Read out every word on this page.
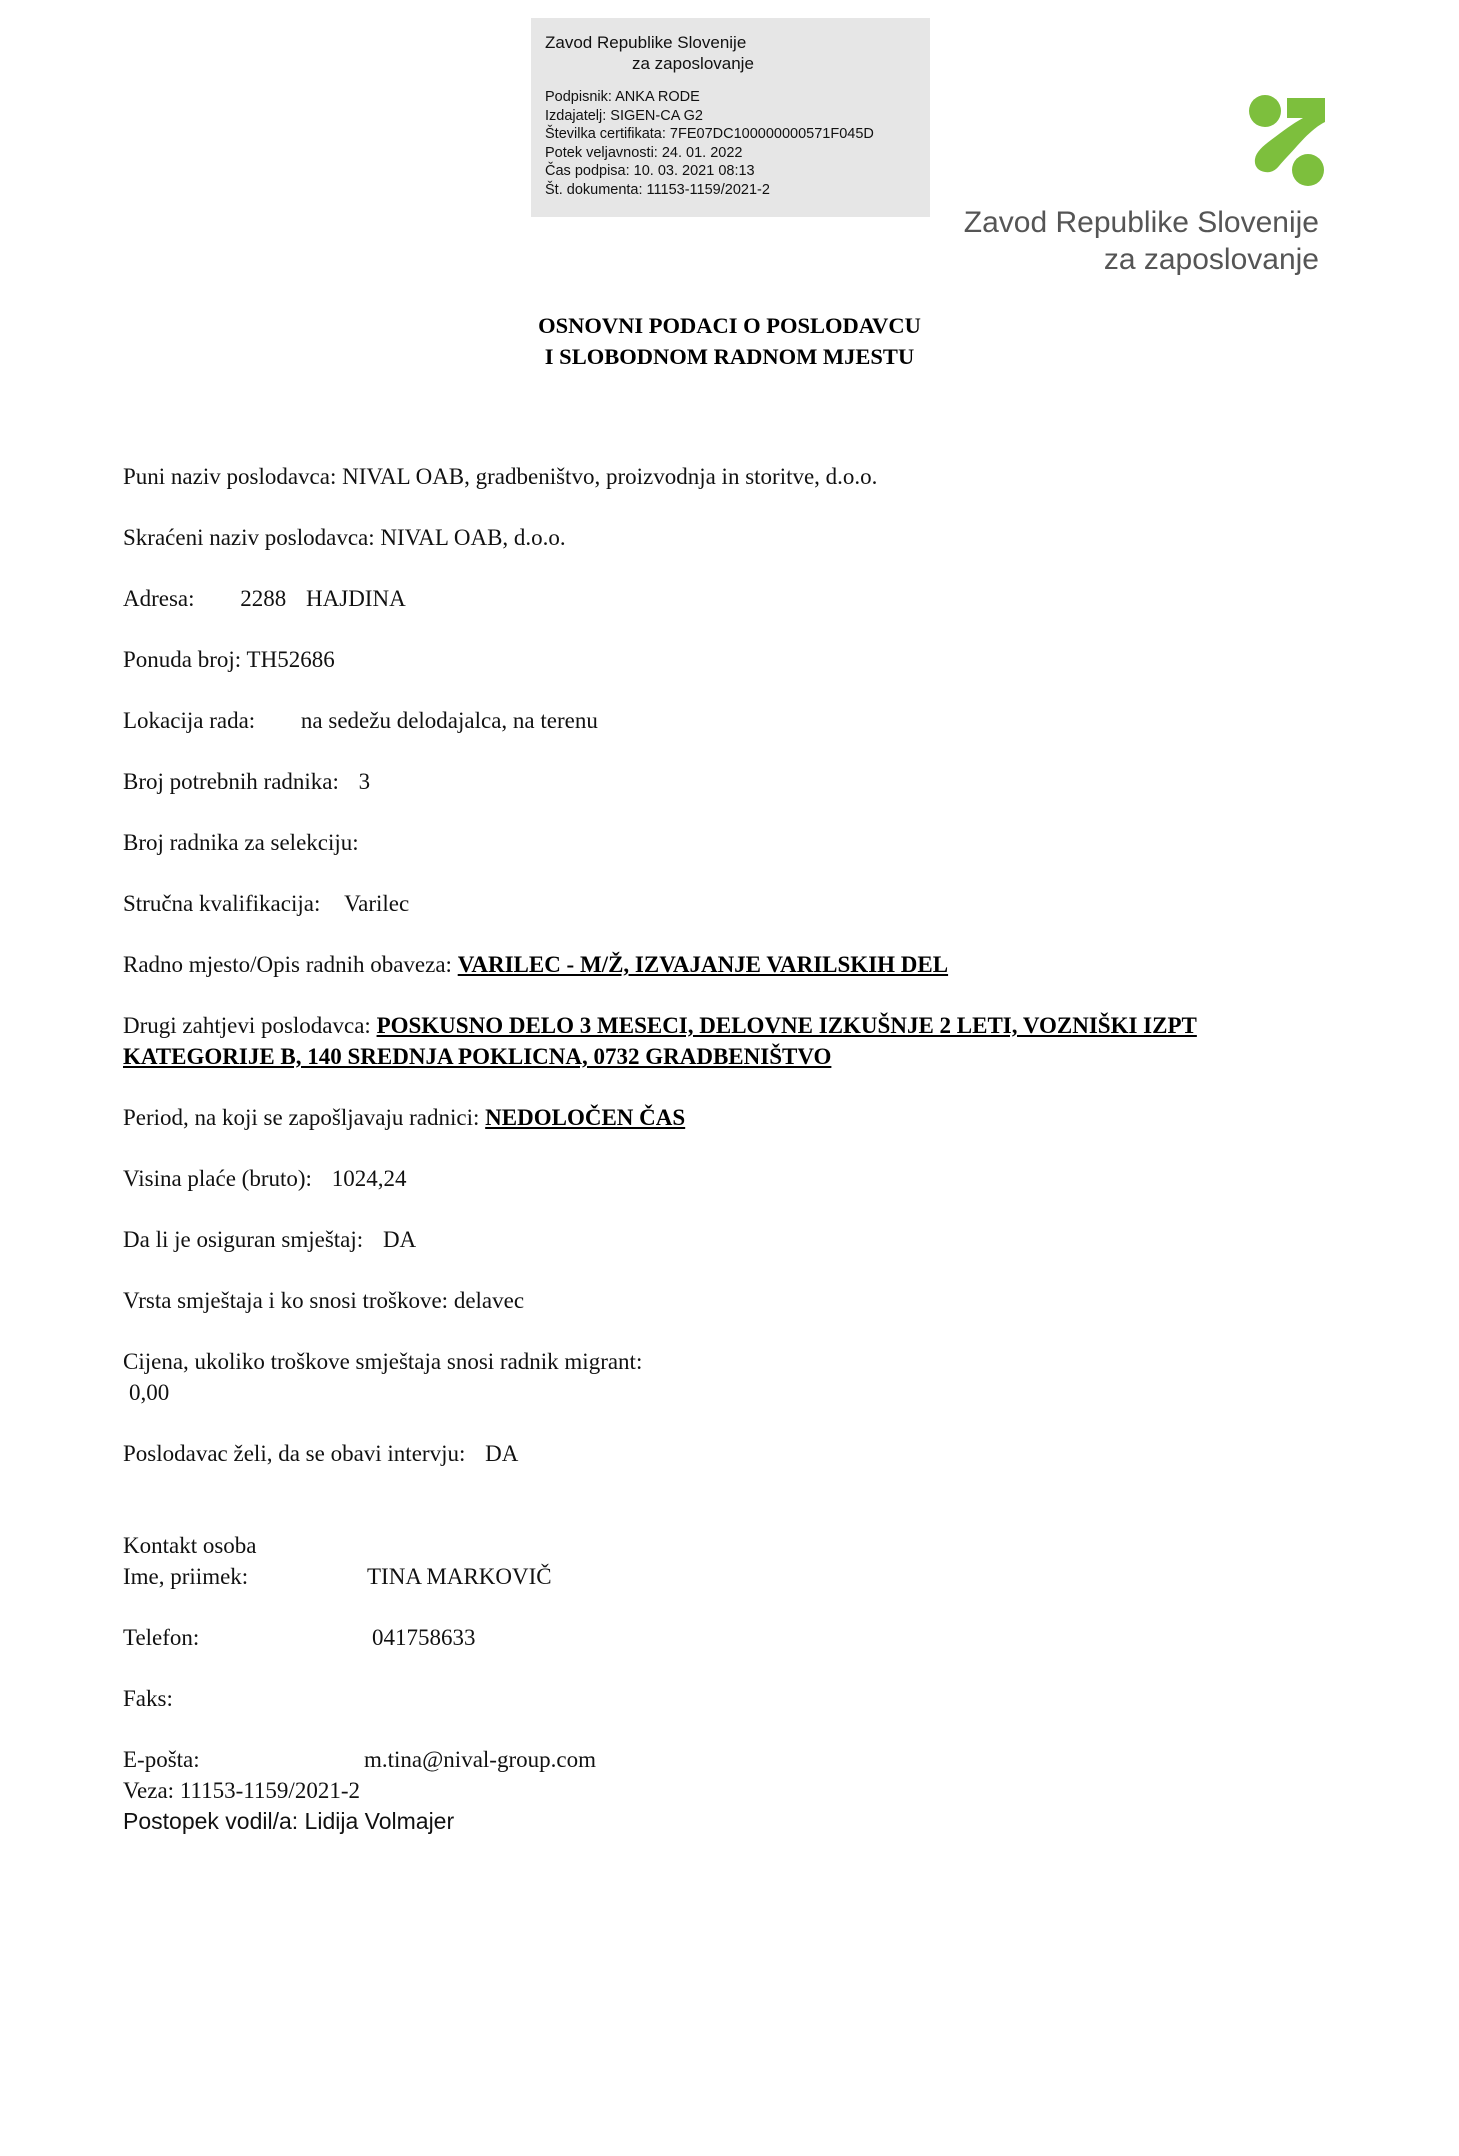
Zavod Republike Slovenije
za zaposlovanje
Podpisnik: ANKA RODE
Izdajatelj: SIGEN-CA G2
Številka certifikata: 7FE07DC100000000571F045D
Potek veljavnosti: 24. 01. 2022
Čas podpisa: 10. 03. 2021 08:13
Št. dokumenta: 11153-1159/2021-2
Zavod Republike Slovenije
za zaposlovanje
OSNOVNI PODACI O POSLODAVCU
I SLOBODNOM RADNOM MJESTU
Puni naziv poslodavca: NIVAL OAB, gradbeništvo, proizvodnja in storitve, d.o.o.
Skraćeni naziv poslodavca: NIVAL OAB, d.o.o.
Adresa: 2288 HAJDINA
Ponuda broj: TH52686
Lokacija rada: na sedežu delodajalca, na terenu
Broj potrebnih radnika: 3
Broj radnika za selekciju:
Stručna kvalifikacija: Varilec
Radno mjesto/Opis radnih obaveza: VARILEC - M/Ž, IZVAJANJE VARILSKIH DEL
Drugi zahtjevi poslodavca: POSKUSNO DELO 3 MESECI, DELOVNE IZKUŠNJE 2 LETI, VOZNIŠKI IZPT KATEGORIJE B, 140 SREDNJA POKLICNA, 0732 GRADBENIŠTVO
Period, na koji se zapošljavaju radnici: NEDOLOČEN ČAS
Visina plaće (bruto): 1024,24
Da li je osiguran smještaj: DA
Vrsta smještaja i ko snosi troškove: delavec
Cijena, ukoliko troškove smještaja snosi radnik migrant:
0,00
Poslodavac želi, da se obavi intervju: DA
Kontakt osoba
Ime, priimek:	TINA MARKOVIČ
Telefon:	041758633
Faks:
E-pošta:	m.tina@nival-group.com
Veza: 11153-1159/2021-2
Postopek vodil/a: Lidija Volmajer
